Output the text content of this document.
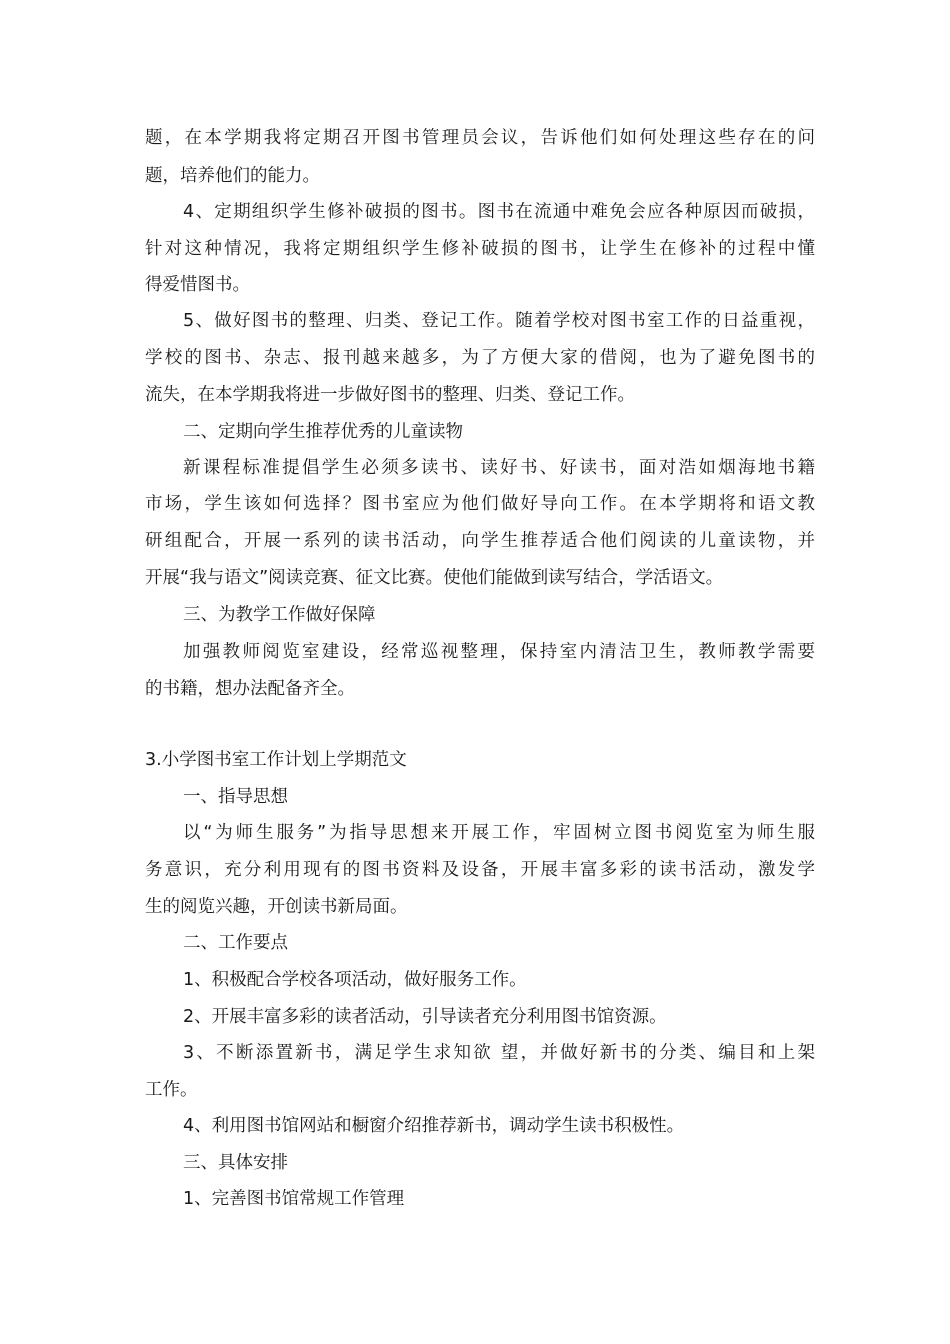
题，在本学期我将定期召开图书管理员会议，告诉他们如何处理这些存在的问
题，培养他们的能力。
4、定期组织学生修补破损的图书。图书在流通中难免会应各种原因而破损，
针对这种情况，我将定期组织学生修补破损的图书，让学生在修补的过程中懂
得爱惜图书。
5、做好图书的整理、归类、登记工作。随着学校对图书室工作的日益重视，
学校的图书、杂志、报刊越来越多，为了方便大家的借阅，也为了避免图书的
流失，在本学期我将进一步做好图书的整理、归类、登记工作。
二、定期向学生推荐优秀的儿童读物
新课程标准提倡学生必须多读书、读好书、好读书，面对浩如烟海地书籍
市场，学生该如何选择？图书室应为他们做好导向工作。在本学期将和语文教
研组配合，开展一系列的读书活动，向学生推荐适合他们阅读的儿童读物，并
开展“我与语文”阅读竞赛、征文比赛。使他们能做到读写结合，学活语文。
三、为教学工作做好保障
加强教师阅览室建设，经常巡视整理，保持室内清洁卫生，教师教学需要
的书籍，想办法配备齐全。
3.小学图书室工作计划上学期范文
一、指导思想
以“为师生服务”为指导思想来开展工作，牢固树立图书阅览室为师生服
务意识，充分利用现有的图书资料及设备，开展丰富多彩的读书活动，激发学
生的阅览兴趣，开创读书新局面。
二、工作要点
1、积极配合学校各项活动，做好服务工作。
2、开展丰富多彩的读者活动，引导读者充分利用图书馆资源。
3、不断添置新书，满足学生求知欲 望，并做好新书的分类、编目和上架
工作。
4、利用图书馆网站和橱窗介绍推荐新书，调动学生读书积极性。
三、具体安排
1、完善图书馆常规工作管理
